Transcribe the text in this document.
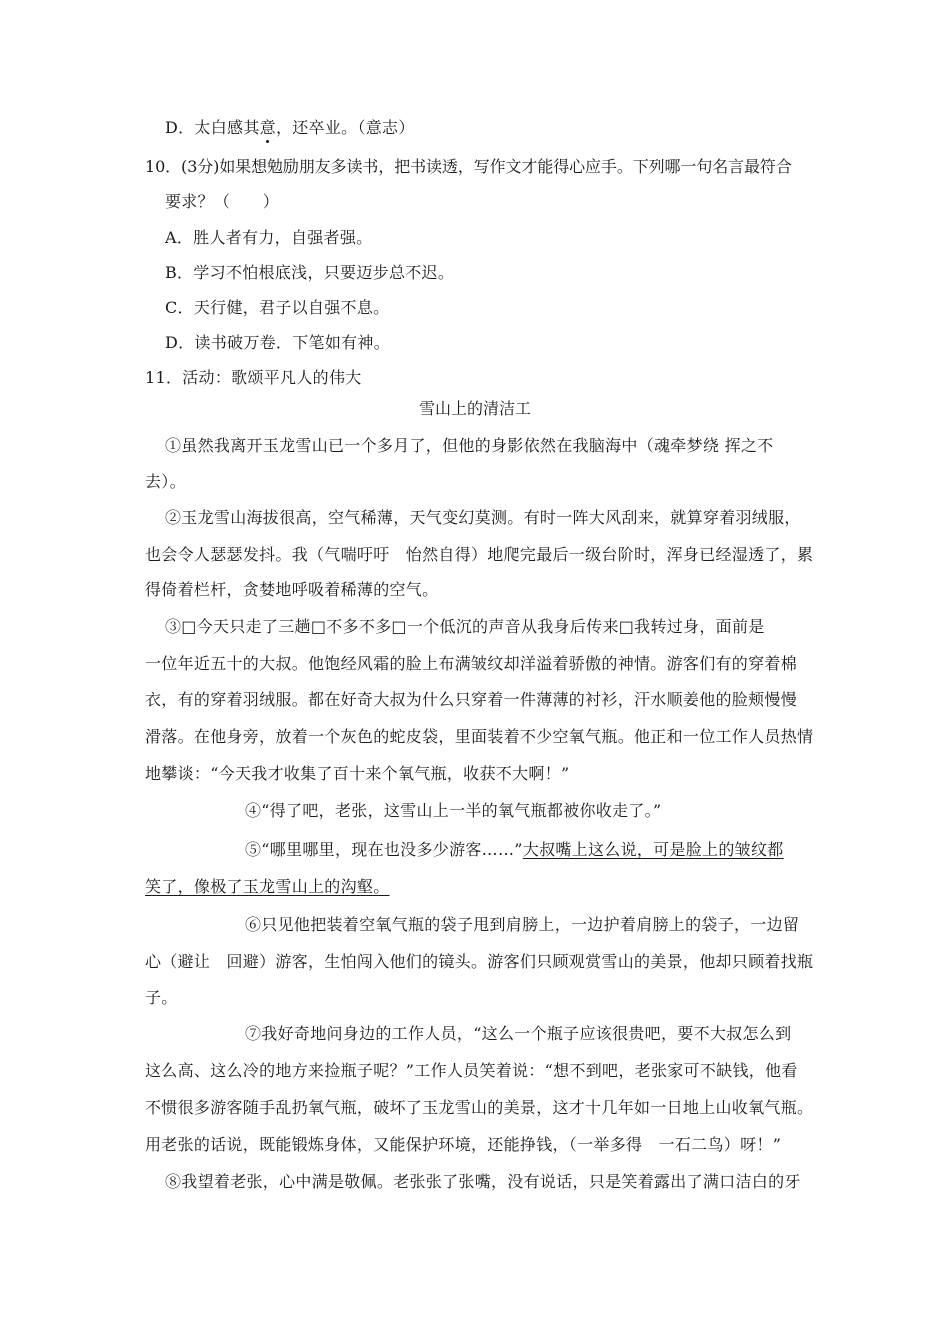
D．太白感其意，还卒业。（意志）
10．(3分)如果想勉励朋友多读书，把书读透，写作文才能得心应手。下列哪一句名言最符合
要求？（　　）
A．胜人者有力，自强者强。
B．学习不怕根底浅，只要迈步总不迟。
C．天行健，君子以自强不息。
D．读书破万卷．下笔如有神。
11．活动：歌颂平凡人的伟大
雪山上的清洁工
①虽然我离开玉龙雪山已一个多月了，但他的身影依然在我脑海中（魂牵梦绕 挥之不
去）。
②玉龙雪山海拔很高，空气稀薄，天气变幻莫测。有时一阵大风刮来，就算穿着羽绒服，
也会令人瑟瑟发抖。我（气喘吁吁　怡然自得）地爬完最后一级台阶时，浑身已经湿透了，累
得倚着栏杆，贪婪地呼吸着稀薄的空气。
③□今天只走了三趟□不多不多□一个低沉的声音从我身后传来□我转过身，面前是
一位年近五十的大叔。他饱经风霜的脸上布满皱纹却洋溢着骄傲的神情。游客们有的穿着棉
衣，有的穿着羽绒服。都在好奇大叔为什么只穿着一件薄薄的衬衫，汗水顺姜他的脸颊慢慢
滑落。在他身旁，放着一个灰色的蛇皮袋，里面装着不少空氧气瓶。他正和一位工作人员热情
地攀谈：“今天我才收集了百十来个氧气瓶，收获不大啊！”
④“得了吧，老张，这雪山上一半的氧气瓶都被你收走了。”
⑤“哪里哪里，现在也没多少游客……”大叔嘴上这么说，可是脸上的皱纹都
笑了，像极了玉龙雪山上的沟壑。
⑥只见他把装着空氧气瓶的袋子甩到肩膀上，一边护着肩膀上的袋子，一边留
心（避让　回避）游客，生怕闯入他们的镜头。游客们只顾观赏雪山的美景，他却只顾着找瓶
子。
⑦我好奇地问身边的工作人员，“这么一个瓶子应该很贵吧，要不大叔怎么到
这么高、这么冷的地方来捡瓶子呢？”工作人员笑着说：“想不到吧，老张家可不缺钱，他看
不惯很多游客随手乱扔氧气瓶，破坏了玉龙雪山的美景，这才十几年如一日地上山收氧气瓶。
用老张的话说，既能锻炼身体，又能保护环境，还能挣钱，（一举多得　一石二鸟）呀！”
⑧我望着老张，心中满是敬佩。老张张了张嘴，没有说话，只是笑着露出了满口洁白的牙
